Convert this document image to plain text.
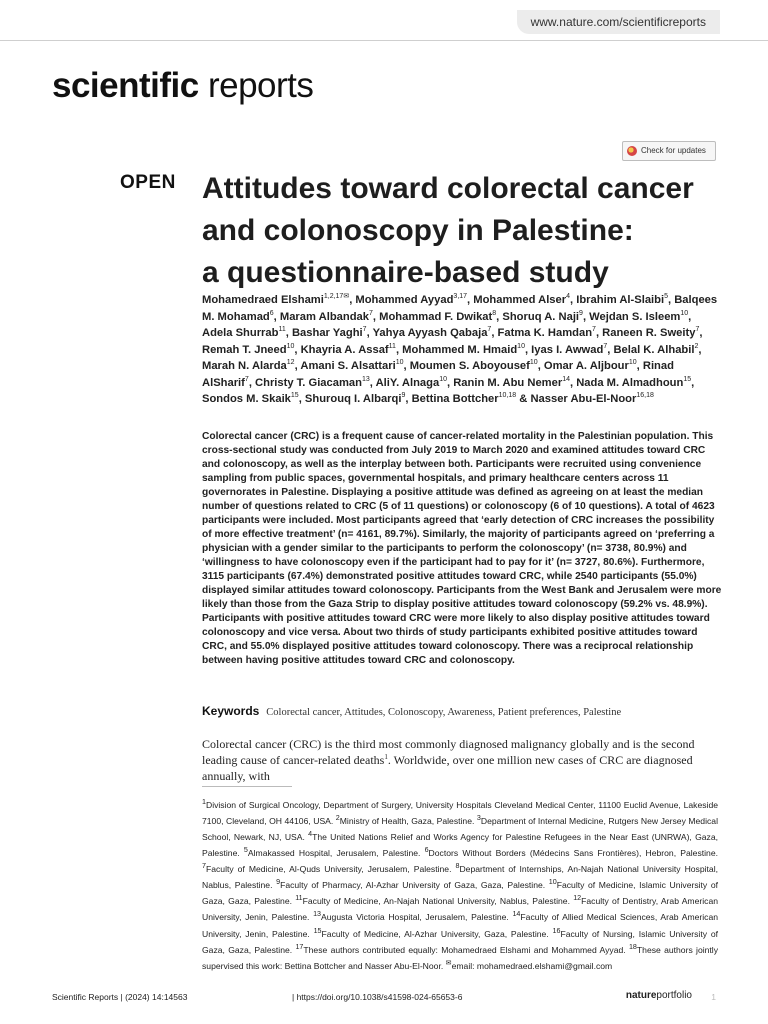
www.nature.com/scientificreports
scientific reports
Check for updates
OPEN Attitudes toward colorectal cancer
and colonoscopy in Palestine:
a questionnaire-based study
Mohamedraed Elshami$^{1,2,17✉}$, Mohammed Ayyad$^{3,17}$, Mohammed Alser$^4$, Ibrahim Al-Slaibi$^5$, Balqees M. Mohamad$^6$, Maram Albandak$^7$, Mohammad F. Dwikat$^8$, Shoruq A. Naji$^9$, Wejdan S. Isleem$^{10}$, Adela Shurrab$^{11}$, Bashar Yaghi$^7$, Yahya Ayyash Qabaja$^7$, Fatma K. Hamdan$^7$, Raneen R. Sweity$^7$, Remah T. Jneed$^{10}$, Khayria A. Assaf$^{11}$, Mohammed M. Hmaid$^{10}$, Iyas I. Awwad$^7$, Belal K. Alhabil$^2$, Marah N. Alarda$^{12}$, Amani S. Alsattari$^{10}$, Moumen S. Aboyousef$^{10}$, Omar A. Aljbour$^{10}$, Rinad AlSharif$^7$, Christy T. Giacaman$^{13}$, AliY. Alnaga$^{10}$, Ranin M. Abu Nemer$^{14}$, Nada M. Almadhoun$^{15}$, Sondos M. Skaik$^{15}$, Shurouq I. Albarqi$^9$, Bettina Bottcher$^{10,18}$ & Nasser Abu-El-Noor$^{16,18}$

Colorectal cancer (CRC) is a frequent cause of cancer-related mortality in the Palestinian population. This cross-sectional study was conducted from July 2019 to March 2020 and examined attitudes toward CRC and colonoscopy, as well as the interplay between both. Participants were recruited using convenience sampling from public spaces, governmental hospitals, and primary healthcare centers across 11 governorates in Palestine. Displaying a positive attitude was defined as agreeing on at least the median number of questions related to CRC (5 of 11 questions) or colonoscopy (6 of 10 questions). A total of 4623 participants were included. Most participants agreed that ‘early detection of CRC increases the possibility of more effective treatment’ (n= 4161, 89.7%). Similarly, the majority of participants agreed on ‘preferring a physician with a gender similar to the participants to perform the colonoscopy’ (n= 3738, 80.9%) and ‘willingness to have colonoscopy even if the participant had to pay for it’ (n= 3727, 80.6%). Furthermore, 3115 participants (67.4%) demonstrated positive attitudes toward CRC, while 2540 participants (55.0%) displayed similar attitudes toward colonoscopy. Participants from the West Bank and Jerusalem were more likely than those from the Gaza Strip to display positive attitudes toward colonoscopy (59.2% vs. 48.9%). Participants with positive attitudes toward CRC were more likely to also display positive attitudes toward colonoscopy and vice versa. About two thirds of study participants exhibited positive attitudes toward CRC, and 55.0% displayed positive attitudes toward colonoscopy. There was a reciprocal relationship between having positive attitudes toward CRC and colonoscopy.

Keywords Colorectal cancer, Attitudes, Colonoscopy, Awareness, Patient preferences, Palestine

Colorectal cancer (CRC) is the third most commonly diagnosed malignancy globally and is the second leading cause of cancer-related deaths$^1$. Worldwide, over one million new cases of CRC are diagnosed annually, with

$^1$Division of Surgical Oncology, Department of Surgery, University Hospitals Cleveland Medical Center, 11100 Euclid Avenue, Lakeside 7100, Cleveland, OH 44106, USA. $^2$Ministry of Health, Gaza, Palestine. $^3$Department of Internal Medicine, Rutgers New Jersey Medical School, Newark, NJ, USA. $^4$The United Nations Relief and Works Agency for Palestine Refugees in the Near East (UNRWA), Gaza, Palestine. $^5$Almakassed Hospital, Jerusalem, Palestine. $^6$Doctors Without Borders (Médecins Sans Frontières), Hebron, Palestine. $^7$Faculty of Medicine, Al-Quds University, Jerusalem, Palestine. $^8$Department of Internships, An-Najah National University Hospital, Nablus, Palestine. $^9$Faculty of Pharmacy, Al-Azhar University of Gaza, Gaza, Palestine. $^{10}$Faculty of Medicine, Islamic University of Gaza, Gaza, Palestine. $^{11}$Faculty of Medicine, An-Najah National University, Nablus, Palestine. $^{12}$Faculty of Dentistry, Arab American University, Jenin, Palestine. $^{13}$Augusta Victoria Hospital, Jerusalem, Palestine. $^{14}$Faculty of Allied Medical Sciences, Arab American University, Jenin, Palestine. $^{15}$Faculty of Medicine, Al-Azhar University, Gaza, Palestine. $^{16}$Faculty of Nursing, Islamic University of Gaza, Gaza, Palestine. $^{17}$These authors contributed equally: Mohamedraed Elshami and Mohammed Ayyad. $^{18}$These authors jointly supervised this work: Bettina Bottcher and Nasser Abu-El-Noor. ✉email: mohamedraed.elshami@gmail.com

Scientific Reports | (2024) 14:14563	| https://doi.org/10.1038/s41598-024-65653-6	natureportfolio 1
